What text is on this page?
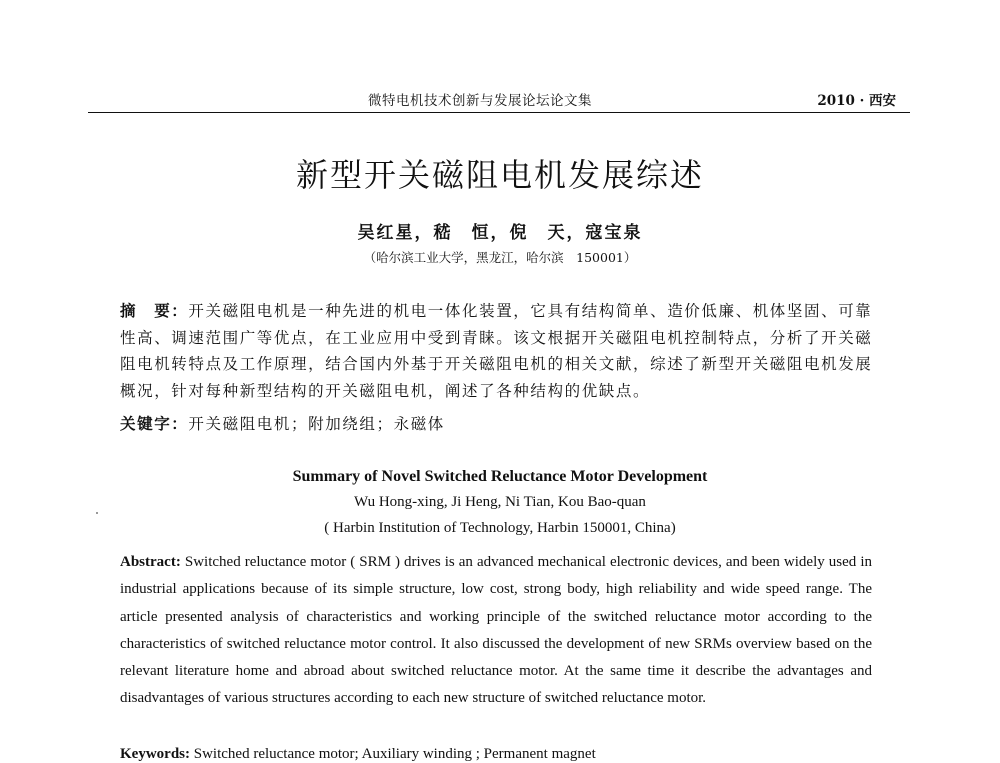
微特电机技术创新与发展论坛论文集	2010 · 西安
新型开关磁阻电机发展综述
吴红星，嵇　恒，倪　天，寇宝泉
（哈尔滨工业大学，黑龙江，哈尔滨　150001）
摘　要：开关磁阻电机是一种先进的机电一体化装置，它具有结构简单、造价低廉、机体坚固、可靠性高、调速范围广等优点，在工业应用中受到青睐。该文根据开关磁阻电机控制特点，分析了开关磁阻电机转特点及工作原理，结合国内外基于开关磁阻电机的相关文献，综述了新型开关磁阻电机发展概况，针对每种新型结构的开关磁阻电机，阐述了各种结构的优缺点。
关键字：开关磁阻电机；附加绕组；永磁体
Summary of Novel Switched Reluctance Motor Development
Wu Hong-xing, Ji Heng, Ni Tian, Kou Bao-quan
( Harbin Institution of Technology, Harbin 150001, China)
Abstract: Switched reluctance motor ( SRM ) drives is an advanced mechanical electronic devices, and been widely used in industrial applications because of its simple structure, low cost, strong body, high reliability and wide speed range. The article presented analysis of characteristics and working principle of the switched reluctance motor according to the characteristics of switched reluctance motor control. It also discussed the development of new SRMs overview based on the relevant literature home and abroad about switched reluctance motor. At the same time it describe the advantages and disadvantages of various structures according to each new structure of switched reluctance motor.
Keywords: Switched reluctance motor; Auxiliary winding ; Permanent magnet
